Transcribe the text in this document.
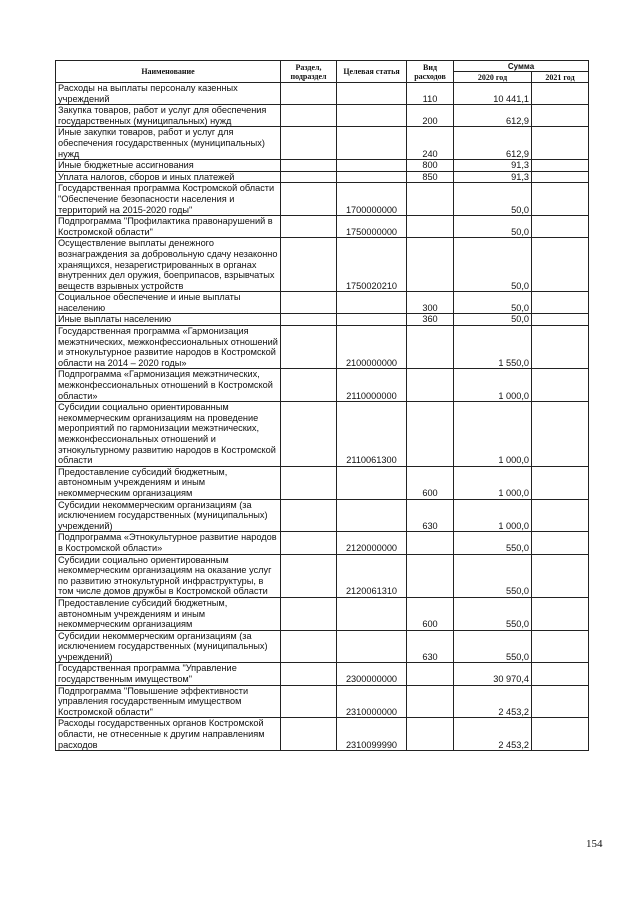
Наименование	Раздел, подраздел	Целевая статья	Вид расходов	Сумма	
				2020 год	2021 год
Расходы на выплаты персоналу казенных учреждений			110	10 441,1	
Закупка товаров, работ и услуг для обеспечения государственных (муниципальных) нужд			200	612,9	
Иные закупки товаров, работ и услуг для обеспечения государственных (муниципальных) нужд			240	612,9	
Иные бюджетные ассигнования			800	91,3	
Уплата налогов, сборов и иных платежей			850	91,3	
Государственная программа Костромской области "Обеспечение безопасности населения и территорий на 2015-2020 годы"		1700000000		50,0	
Подпрограмма "Профилактика правонарушений в Костромской области"		1750000000		50,0	
Осуществление выплаты денежного вознаграждения за добровольную сдачу незаконно хранящихся, незарегистрированных в органах внутренних дел оружия, боеприпасов, взрывчатых веществ взрывных устройств		1750020210		50,0	
Социальное обеспечение и иные выплаты населению			300	50,0	
Иные выплаты населению			360	50,0	
Государственная программа «Гармонизация межэтнических, межконфессиональных отношений и этнокультурное развитие народов в Костромской области на 2014 – 2020 годы»		2100000000		1 550,0	
Подпрограмма «Гармонизация межэтнических, межконфессиональных отношений в Костромской области»		2110000000		1 000,0	
Субсидии социально ориентированным некоммерческим организациям на проведение мероприятий по гармонизации межэтнических, межконфессиональных отношений и этнокультурному развитию народов в Костромской области		2110061300		1 000,0	
Предоставление субсидий бюджетным, автономным учреждениям и иным некоммерческим организациям			600	1 000,0	
Субсидии некоммерческим организациям (за исключением государственных (муниципальных) учреждений)			630	1 000,0	
Подпрограмма «Этнокультурное развитие народов в Костромской области»		2120000000		550,0	
Субсидии социально ориентированным некоммерческим организациям на оказание услуг по развитию этнокультурной инфраструктуры, в том числе домов дружбы в Костромской области		2120061310		550,0	
Предоставление субсидий бюджетным, автономным учреждениям и иным некоммерческим организациям			600	550,0	
Субсидии некоммерческим организациям (за исключением государственных (муниципальных) учреждений)			630	550,0	
Государственная программа "Управление государственным имуществом"		2300000000		30 970,4	
Подпрограмма "Повышение эффективности управления государственным имуществом Костромской области"		2310000000		2 453,2	
Расходы государственных органов Костромской области, не отнесенные к другим направлениям расходов		2310099990		2 453,2	
154
